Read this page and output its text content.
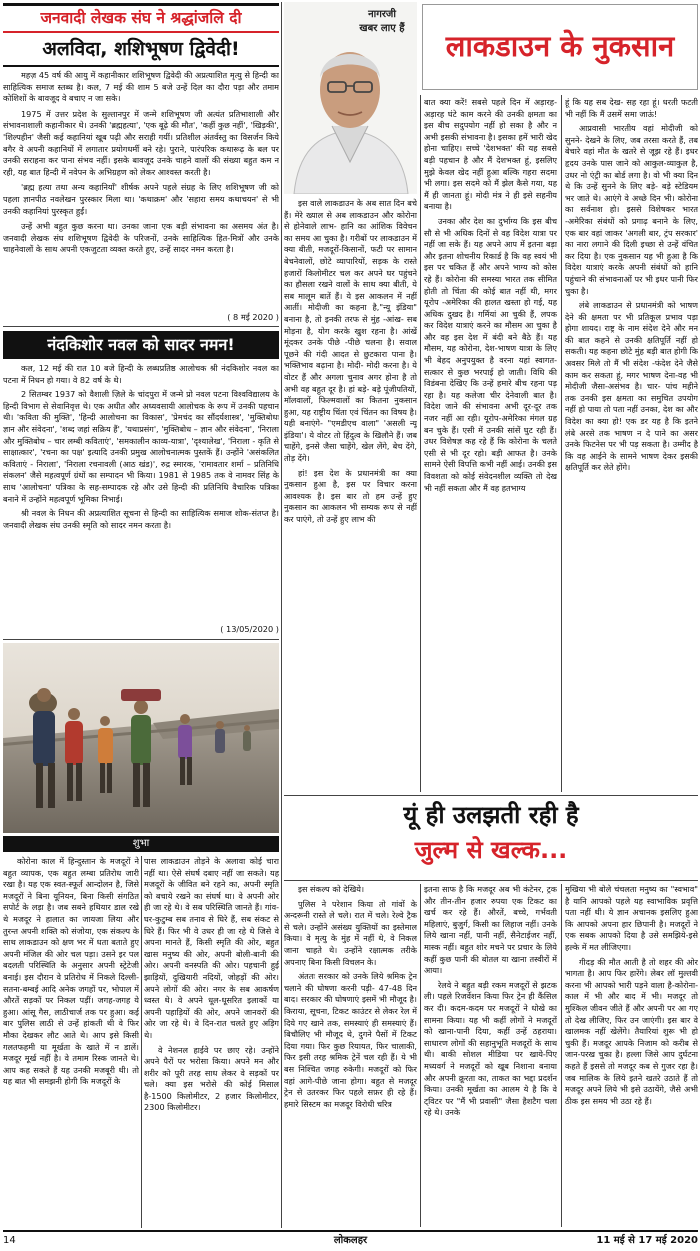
जनवादी लेखक संघ ने श्रद्धांजलि दी
अलविदा, शशिभूषण द्विवेदी!

महज़ 45 वर्ष की आयु में कहानीकार शशिभूषण द्विवेदी की अप्रत्याशित मृत्यु से हिन्दी का साहित्यिक समाज स्तब्ध है। कल, 7 मई की शाम 5 बजे उन्हें दिल का दौरा पड़ा और तमाम कोशिशों के बावजूद वे बचाए न जा सके।

1975 में उत्तर प्रदेश के सुल्तानपुर में जन्मे शशिभूषण जी अत्यंत प्रतिभाशाली और संभावनाशाली कहानीकार थे। उनकी 'ब्रह्महत्या', 'एक बूढ़े की मौत', 'कहीं कुछ नहीं', 'खिड़की', 'शिल्पहीन' जैसी कई कहानियां खूब पढ़ी और सराही गयीं। प्रतिशील अंतर्वस्तु का विसर्जन किये बगैर वे अपनी कहानियों में लगातार प्रयोगधर्मी बने रहे। पुराने, पारंपरिक कथारूढ़ के बल पर उनकी सराहना कर पाना संभव नहीं। इसके बावजूद उनके चाहने वालों की संख्या बहुत कम न रही, यह बात हिन्दी में नवेपन के अभिग्रहण को लेकर आश्वस्त करती है।

'ब्रह्म हत्या तथा अन्य कहानियाँ' शीर्षक अपने पहले संग्रह के लिए शशिभूषण जी को पहला ज्ञानपीठ नवलेखन पुरस्कार मिला था। 'कथाक्रम' और 'सहारा समय कथाचयन' से भी उनकी कहानियां पुरस्कृत हुईं।

उन्हें अभी बहुत कुछ करना था। उनका जाना एक बड़ी संभावना का असमय अंत है। जनवादी लेखक संघ शशिभूषण द्विवेदी के परिजनों, उनके साहित्यिक हित-मित्रों और उनके चाहनेवालों के साथ अपनी एकजुटता व्यक्त करते हुए, उन्हें सादर नमन करता है।

( 8 मई 2020 )
नंदकिशोर नवल को सादर नमन!

कल, 12 मई की रात 10 बजे हिन्दी के लब्धप्रतिष्ठ आलोचक श्री नंदकिशोर नवल का पटना में निधन हो गया। वे 82 वर्ष के थे।

2 सितम्बर 1937 को वैशाली ज़िले के चांदपुरा में जन्मे प्रो नवल पटना विश्वविद्यालय के हिन्दी विभाग से सेवानिवृत्त थे। एक अधीत और अध्यवसायी आलोचक के रूप में उनकी पहचान थी। 'कविता की मुक्ति', 'हिन्दी आलोचना का विकास', 'प्रेमचंद का सौंदर्यशास्त्र', 'मुक्तिबोधः ज्ञान और संवेदना', 'शब्द जहां सक्रिय हैं', 'यथाप्रसंग', 'मुक्तिबोध – ज्ञान और संवेदना', 'निराला और मुक्तिबोध – चार लम्बी कविताएं', 'समकालीन काव्य-यात्रा', 'दृश्यालेख', 'निराला - कृति से साक्षात्कार', 'रचना का पक्ष' इत्यादि उनकी प्रमुख आलोचनात्मक पुस्तकें हैं। उन्होंने 'असंकलित कविताएं - निराला', 'निराला रचनावली (आठ खंड)', रुद्र स्मारक, 'रामावतार शर्मा – प्रतिनिधि संकलन' जैसे महत्वपूर्ण ग्रंथों का सम्पादन भी किया। 1981 से 1985 तक वे नामवर सिंह के साथ 'आलोचना' पत्रिका के सह-सम्पादक रहे और उसे हिन्दी की प्रतिनिधि वैचारिक पत्रिका बनाने में उन्होंने महत्वपूर्ण भूमिका निभाई।

श्री नवल के निधन की अप्रत्याशित सूचना से हिन्दी का साहित्यिक समाज शोक-संतप्त है। जनवादी लेखक संघ उनकी स्मृति को सादर नमन करता है।

( 13/05/2020 )
शुभा
नागरजी
खबर लाए हैं
लाकडाउन के नुकसान

इस वाले लाकडाउन के अब सात दिन बचे हैं। मेरे ख्याल से अब लाकडाउन और कोरोना से होनेवाले लाभ- हानि का आंशिक विवेचन का समय आ चुका है। गरीबों पर लाकडाउन में क्या बीती, मजदूरों-किसानों, फटी पर सामान बेचनेवालों, छोटे व्यापारियों, सड़क के रास्ते हजारों किलोमीटर चल कर अपने घर पहुंचने का हौसला रखने वालों के साथ क्या बीती, ये सब मालूम बातें हैं। ये इस आकलन में नहीं आतीं। मोदीजी का कहना है,"न्यू इंडिया" बनाना है, तो इनकी तरफ से मुंह -आंख- सब मोड़ना है, योग करके खुश रहना है। आंखें मूंदकर उनके पीछे -पीछे चलना है। सवाल पूछने की गंदी आदत से छुटकारा पाना है। भक्तिभाव बढ़ाना है। मोदी- मोदी करना है। ये वोटर हैं और अगला चुनाव अगर होना है तो अभी वह बहुत दूर है। हां बड़े- बड़े पूंजीपतियों, मॉलवालों, फिल्मवालों का कितना नुकसान हुआ, यह राष्ट्रीय चिंता एवं चिंतन का विषय है। यही बनाएंगे- "एमडीएच वाला" 'असली न्यू इंडिया'। ये वोटर तो हिंदुत्व के खिलौने हैं। जब चाहेंगे, इनसे जैसा चाहेंगे, खेल लेंगे, बेच देंगे, तोड़ देंगे।

हां! इस देश के प्रधानमंत्री का क्या नुकसान हुआ है, इस पर विचार करना आवश्यक है। इस बार तो हम उन्हें हुए नुकसान का आकलन भी सम्यक रूप से नहीं कर पाएंगे, तो उन्हें हुए लाभ की

बात क्या करें! सबसे पहले दिन में अड़ारह-अड़ारह घंटे काम करने की उनकी क्षमता का इस बीच सदुपयोग नहीं हो सका है और न अभी इसकी संभावना है। इसका हमें भारी खेद होना चाहिए। सच्चे 'देशभक्त' की यह सबसे बड़ी पहचान है और मैं देशभक्त हूं, इसलिए मुझे केवल खेद नहीं हुआ बल्कि गहरा सदमा भी लगा। इस सदमे को मैं झेल कैसे गया, यह मैं ही जानता हूं। मोदी मंत्र ने ही इसे सहनीय बनाया है।

उनका और देश का दुर्भाग्य कि इस बीच सौ से भी अधिक दिनों से वह विदेश यात्रा पर नहीं जा सके हैं। यह अपने आप में इतना बड़ा और इतना शोचनीय रिकार्ड है कि वह स्वयं भी इस पर चकित हैं और अपने भाग्य को कोस रहे हैं। कोरोना की समस्या भारत तक सीमित होती तो चिंता की कोई बात नहीं थी, मगर यूरोप -अमेरिका की हालत खस्ता हो गई, यह अधिक दुखद है। गर्मियां आ चुकी हैं, लपक कर विदेश यात्राएं करने का मौसम आ चुका है और वह इस देश में बंदी बने बैठे हैं। यह मौसम, यह कोरोना, देश-भाषण यात्रा के लिए भी बेहद अनुपयुक्त है वरना यहां स्वागत-सत्कार से कुछ भरपाई हो जाती। विधि की विडंबना देखिए कि उन्हें हमारे बीच रहना पड़ रहा है। यह कलेजा चीर देनेवाली बात है। विदेश जाने की संभावना अभी दूर-दूर तक नजर नहीं आ रही। यूरोप-अमेरिका मंगल ग्रह बन चुके हैं। एसी में उनकी सांसें घुट रही हैं। उधर विशेषज्ञ कह रहे हैं कि कोरोना के चलते एसी से भी दूर रहो। बड़ी आफत है। उनके सामने ऐसी विपत्ति कभी नहीं आई। उनकी इस विवशता को कोई संवेदनशील व्यक्ति तो देख भी नहीं सकता और मैं वह हतभाग्य

हूं कि यह सब देख- सह रहा हूं। धरती फटती भी नहीं कि मैं उसमें समा जाऊं!

आप्रवासी भारतीय वहां मोदीजी को सुनने- देखने के लिए, जब तरसा करते हैं, तब बेचारे वहां मौत के खतरे से जूझ रहे हैं। इधर हृदय उनके पास जाने को आकुल-व्याकुल है, उधर नो एंट्री का बोर्ड लगा है। वो भी क्या दिन थे कि उन्हें सुनने के लिए बड़े- बड़े स्टेडियम भर जाते थे। आएंगे वे अच्छे दिन भी। कोरोना का सर्वनाश हो। इससे विशेषकर भारत -अमेरिका संबंधों को प्रगाढ़ बनाने के लिए, एक बार वहां जाकर 'अगली बार, ट्रंप सरकार' का नारा लगाने की दिली इच्छा से उन्हें वंचित कर दिया है। एक नुकसान यह भी हुआ है कि विदेश यात्राएं करके अपनी संबंधों को हानि पहुंचाने की संभावनाओं पर भी इधर पानी फिर चुका है।

लंबे लाकडाउन से प्रधानमंत्री को भाषण देने की क्षमता पर भी प्रतिकूल प्रभाव पड़ा होगा शायद। राष्ट्र के नाम संदेश देने और मन की बात कहने से उनकी क्षतिपूर्ति नहीं हो सकती। यह कहना छोटे मुंह बड़ी बात होगी कि अवसर मिले तो मैं भी संदेश -फंदेश देने जैसे काम कर सकता हूं, मगर भाषण देना-वह भी मोदीजी जैसा-असंभव है। चार- पांच महीने तक उनकी इस क्षमता का समुचित उपयोग नहीं हो पाया तो पता नहीं उनका, देश का और विदेश का क्या हो! एक डर यह है कि इतने लंबे अरसे तक भाषण न दे पाने का असर उनके फिटनेस पर भी पड़ सकता है। उम्मीद है कि वह आईने के सामने भाषण देकर इसकी क्षतिपूर्ति कर लेते होंगे।

यूं ही उलझती रही है
जुल्म से खल्क...

इस संकल्प को देखिये।

पुलिस ने परेशान किया तो गांवों के अन्दरूनी रास्ते ले चले। रात में चले। रेल्वे ट्रैक से चले। उन्होंने असंख्य युक्तियों का इस्तेमाल किया। वे मृत्यु के मुंह में नहीं थे, वे निकल जाना चाहते थे। उन्होंने रक्षात्मक तरीके अपनाए बिना किसी विचलन के।

अंततः सरकार को उनके लिये श्रमिक ट्रेन चलाने की घोषणा करनी पड़ी- 47-48 दिन बाद। सरकार की घोषणाएं इसमें भी मौजूद है। किराया, सूचना, टिकट काउंटर से लेकर रेल में दिये गए खाने तक, समस्याएं ही समस्याएं हैं। बिचौलिए भी मौजूद थे, दुगने पैसों में टिकट दिया गया। फिर कुछ रियायत, फिर चालाकी, फिर इसी तरह श्रमिक ट्रेनें चल रही हैं। ये भी बस निश्चित जगह रुकेगी। मजदूरों को फिर वहां आगे-पीछे जाना होगा। बहुत से मजदूर ट्रेन से उतरकर फिर पहले सफ़र ही रहे हैं। हमारे सिस्टम का मजदूर विरोधी चरित्र

इतना साफ है कि मजदूर अब भी कंटेनर, ट्रक और तीन-तीन हजार रुपया एक टिकट का खर्च कर रहे हैं। औरतें, बच्चे, गर्भवती महिलाएं, बुजुर्ग, किसी का लिहाज नहीं। उनके लिये खाना नहीं, पानी नहीं, सैनेटाईजर नहीं, मास्क नहीं। बहुत शोर मचने पर प्रचार के लिये कहीं कुछ पानी की बोतल या खाना तस्वीरों में आया।

रेलवे ने बहुत बड़ी रकम मजदूरों से झटक ली। पहले रिजर्वेशन किया फिर ट्रेन ही कैंसिल कर दी। कदम-कदम पर मजदूरों ने धोखे का सामना किया। यह भी कहीं लोगों ने मजदूरों को खाना-पानी दिया, कहीं उन्हें ठहराया। साधारण लोगों की सहानुभूति मजदूरों के साथ थी। बाकी सोशल मीडिया पर खाये-पिए मध्यवर्ग ने मजदूरों को खूब निशाना बनाया और अपनी क्रूरता का, ताकत का भद्दा प्रदर्शन किया। उनकी मूर्खता का आलम ये है कि वे ट्विटर पर "मैं भी प्रवासी" जैसा हैशटैग चला रहे थे। उनके

मुखिया भी बोले चंचलता मनुष्य का "स्वभाव" है यानि आपको पहले यह स्वाभाविक प्रवृत्ति पता नहीं थी। ये ज्ञान अचानक इसलिए हुआ कि आपको अपना हार छिपानी है। मजदूरों ने एक सबक आपको दिया है उसे समझिये-इसे हल्के में मत लीजिएगा।

गीदड़ की मौत आती है तो शहर की ओर भागता है। आप फिर हारेंगे। लेबर लॉ मुल्तवी करना भी आपको भारी पड़ने वाला है-कोरोना-काल में भी और बाद में भी। मजदूर तो मुश्किल जीवन जीते हैं और अपनी पर आ गए तो देख लीजिए, फिर उन जाएंगी। इस बार वे खालमक नहीं खेलेंगे। तैयारियां शुरू भी हो चुकी हैं। मजदूर आपके निजाम को करीब से जान-परख चुका है। हल्ला जिसे आप दुर्घटना कहते हैं इससे तो मजदूर कब से गुजर रहा है। जब मालिक के लिये इतने खतरे उठाते हैं तो मजदूर अपने लिये भी इसे उठायेंगे, जैसे अभी ठीक इस समय भी उठा रहे हैं।

कोरोना काल में हिन्दुस्तान के मजदूरों ने बहुत व्यापक, एक बहुत लम्बा प्रतिरोध जारी रखा है। यह एक स्वत-स्फूर्त आन्दोलन है, जिसे मजदूरों ने बिना यूनियन, बिना किसी संगठित सपोर्ट के लड़ा है। जब सबने हथियार डाल रखे थे मजदूर ने हालात का जायजा लिया और तुरन्त अपनी शक्ति को संजोया, एक संकल्प के साथ लाकडाउन को क्षण भर में धता बताते हुए अपनी मंजिल की ओर चल पड़ा। उसने इर पल बदलती परिस्थिति के अनुसार अपनी स्ट्रेटेजी बनाई। इस दौरान वे प्रतिरोध में निकले दिल्ली-सतना-बम्बई आदि अनेक जगहों पर, भोपाल में औरतें सड़कों पर निकल पड़ीं। जगह-जगह ये हुआ। आंसू गैस, लाठीचार्ज तक पर हुआ। कई बार पुलिस लाठी से उन्हें हांकती थी वे फिर मौका देखकर लौट आते थे। आप इसे किसी गलतफहमी या मूर्खता के खाते में न डालें। मजदूर मूर्ख नहीं है। वे तमाम रिस्क जानते थे।आप कह सकते हैं यह उनकी मजबूरी थी। तो यह बात भी समझनी होगी कि मजदूरों के

पास लाकडाउन तोड़ने के अलावा कोई चारा नहीं था। ऐसे संघर्ष दबाए नहीं जा सकते। यह मजदूरों के जीवित बने रहने का, अपनी स्मृति को बचाये रखने का संघर्ष था। वे अपनी ओर ही जा रहे थे। वे सब परिस्थिति जानते हैं। गांव-घर-कुटुम्ब सब तनाव से घिरे हैं, सब संकट से घिरे हैं। फिर भी वे उधर ही जा रहे थे जिसे वे अपना मानते हैं, किसी स्मृति की ओर, बहुत खास मनुष्य की ओर, अपनी बोली-बानी की ओर। अपनी वनस्पति की ओर। पहचानी हुई झाड़ियों, दुखियारी नदियों, जोहड़ों की ओर। अपने लोगों की ओर। नगर के सब आकर्षण ध्वस्त थे। वे अपने धूल-धूसरित इलाकों या अपनी पहाड़ियों की ओर, अपने जानवरों की ओर जा रहे थे। वे दिन-रात चलते हुए अड़िग थे।

वे नेशनल हाईवे पर छाए रहे। उन्होंने अपने पैरों पर भरोसा किया। अपने मन और शरीर को पूरी तरह साध लेकर वे सड़कों पर चले। क्या इस भरोसे की कोई मिसाल है-1500 किलोमीटर, 2 हजार किलोमीटर, 2300 किलोमीटर।

14	लोकलहर	11 मई से 17 मई 2020
